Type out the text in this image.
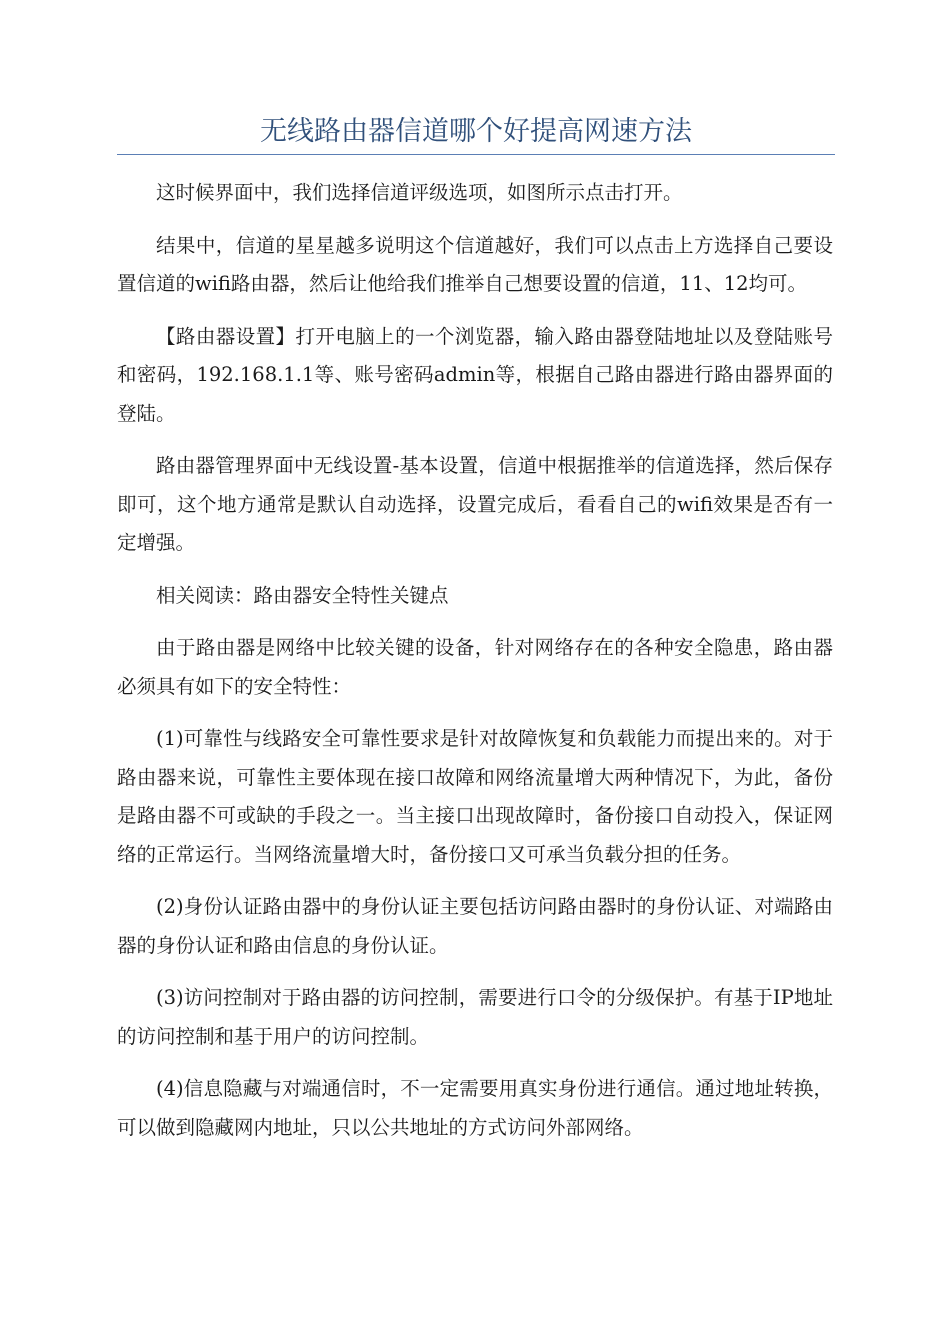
无线路由器信道哪个好提高网速方法

这时候界面中，我们选择信道评级选项，如图所示点击打开。

结果中，信道的星星越多说明这个信道越好，我们可以点击上方选择自己要设置信道的wifi路由器，然后让他给我们推举自己想要设置的信道，11、12均可。

【路由器设置】打开电脑上的一个浏览器，输入路由器登陆地址以及登陆账号和密码，192.168.1.1等、账号密码admin等，根据自己路由器进行路由器界面的登陆。

路由器管理界面中无线设置-基本设置，信道中根据推举的信道选择，然后保存即可，这个地方通常是默认自动选择，设置完成后，看看自己的wifi效果是否有一定增强。

相关阅读：路由器安全特性关键点

由于路由器是网络中比较关键的设备，针对网络存在的各种安全隐患，路由器必须具有如下的安全特性：

(1)可靠性与线路安全可靠性要求是针对故障恢复和负载能力而提出来的。对于路由器来说，可靠性主要体现在接口故障和网络流量增大两种情况下，为此，备份是路由器不可或缺的手段之一。当主接口出现故障时，备份接口自动投入，保证网络的正常运行。当网络流量增大时，备份接口又可承当负载分担的任务。

(2)身份认证路由器中的身份认证主要包括访问路由器时的身份认证、对端路由器的身份认证和路由信息的身份认证。

(3)访问控制对于路由器的访问控制，需要进行口令的分级保护。有基于IP地址的访问控制和基于用户的访问控制。

(4)信息隐藏与对端通信时，不一定需要用真实身份进行通信。通过地址转换，可以做到隐藏网内地址，只以公共地址的方式访问外部网络。
